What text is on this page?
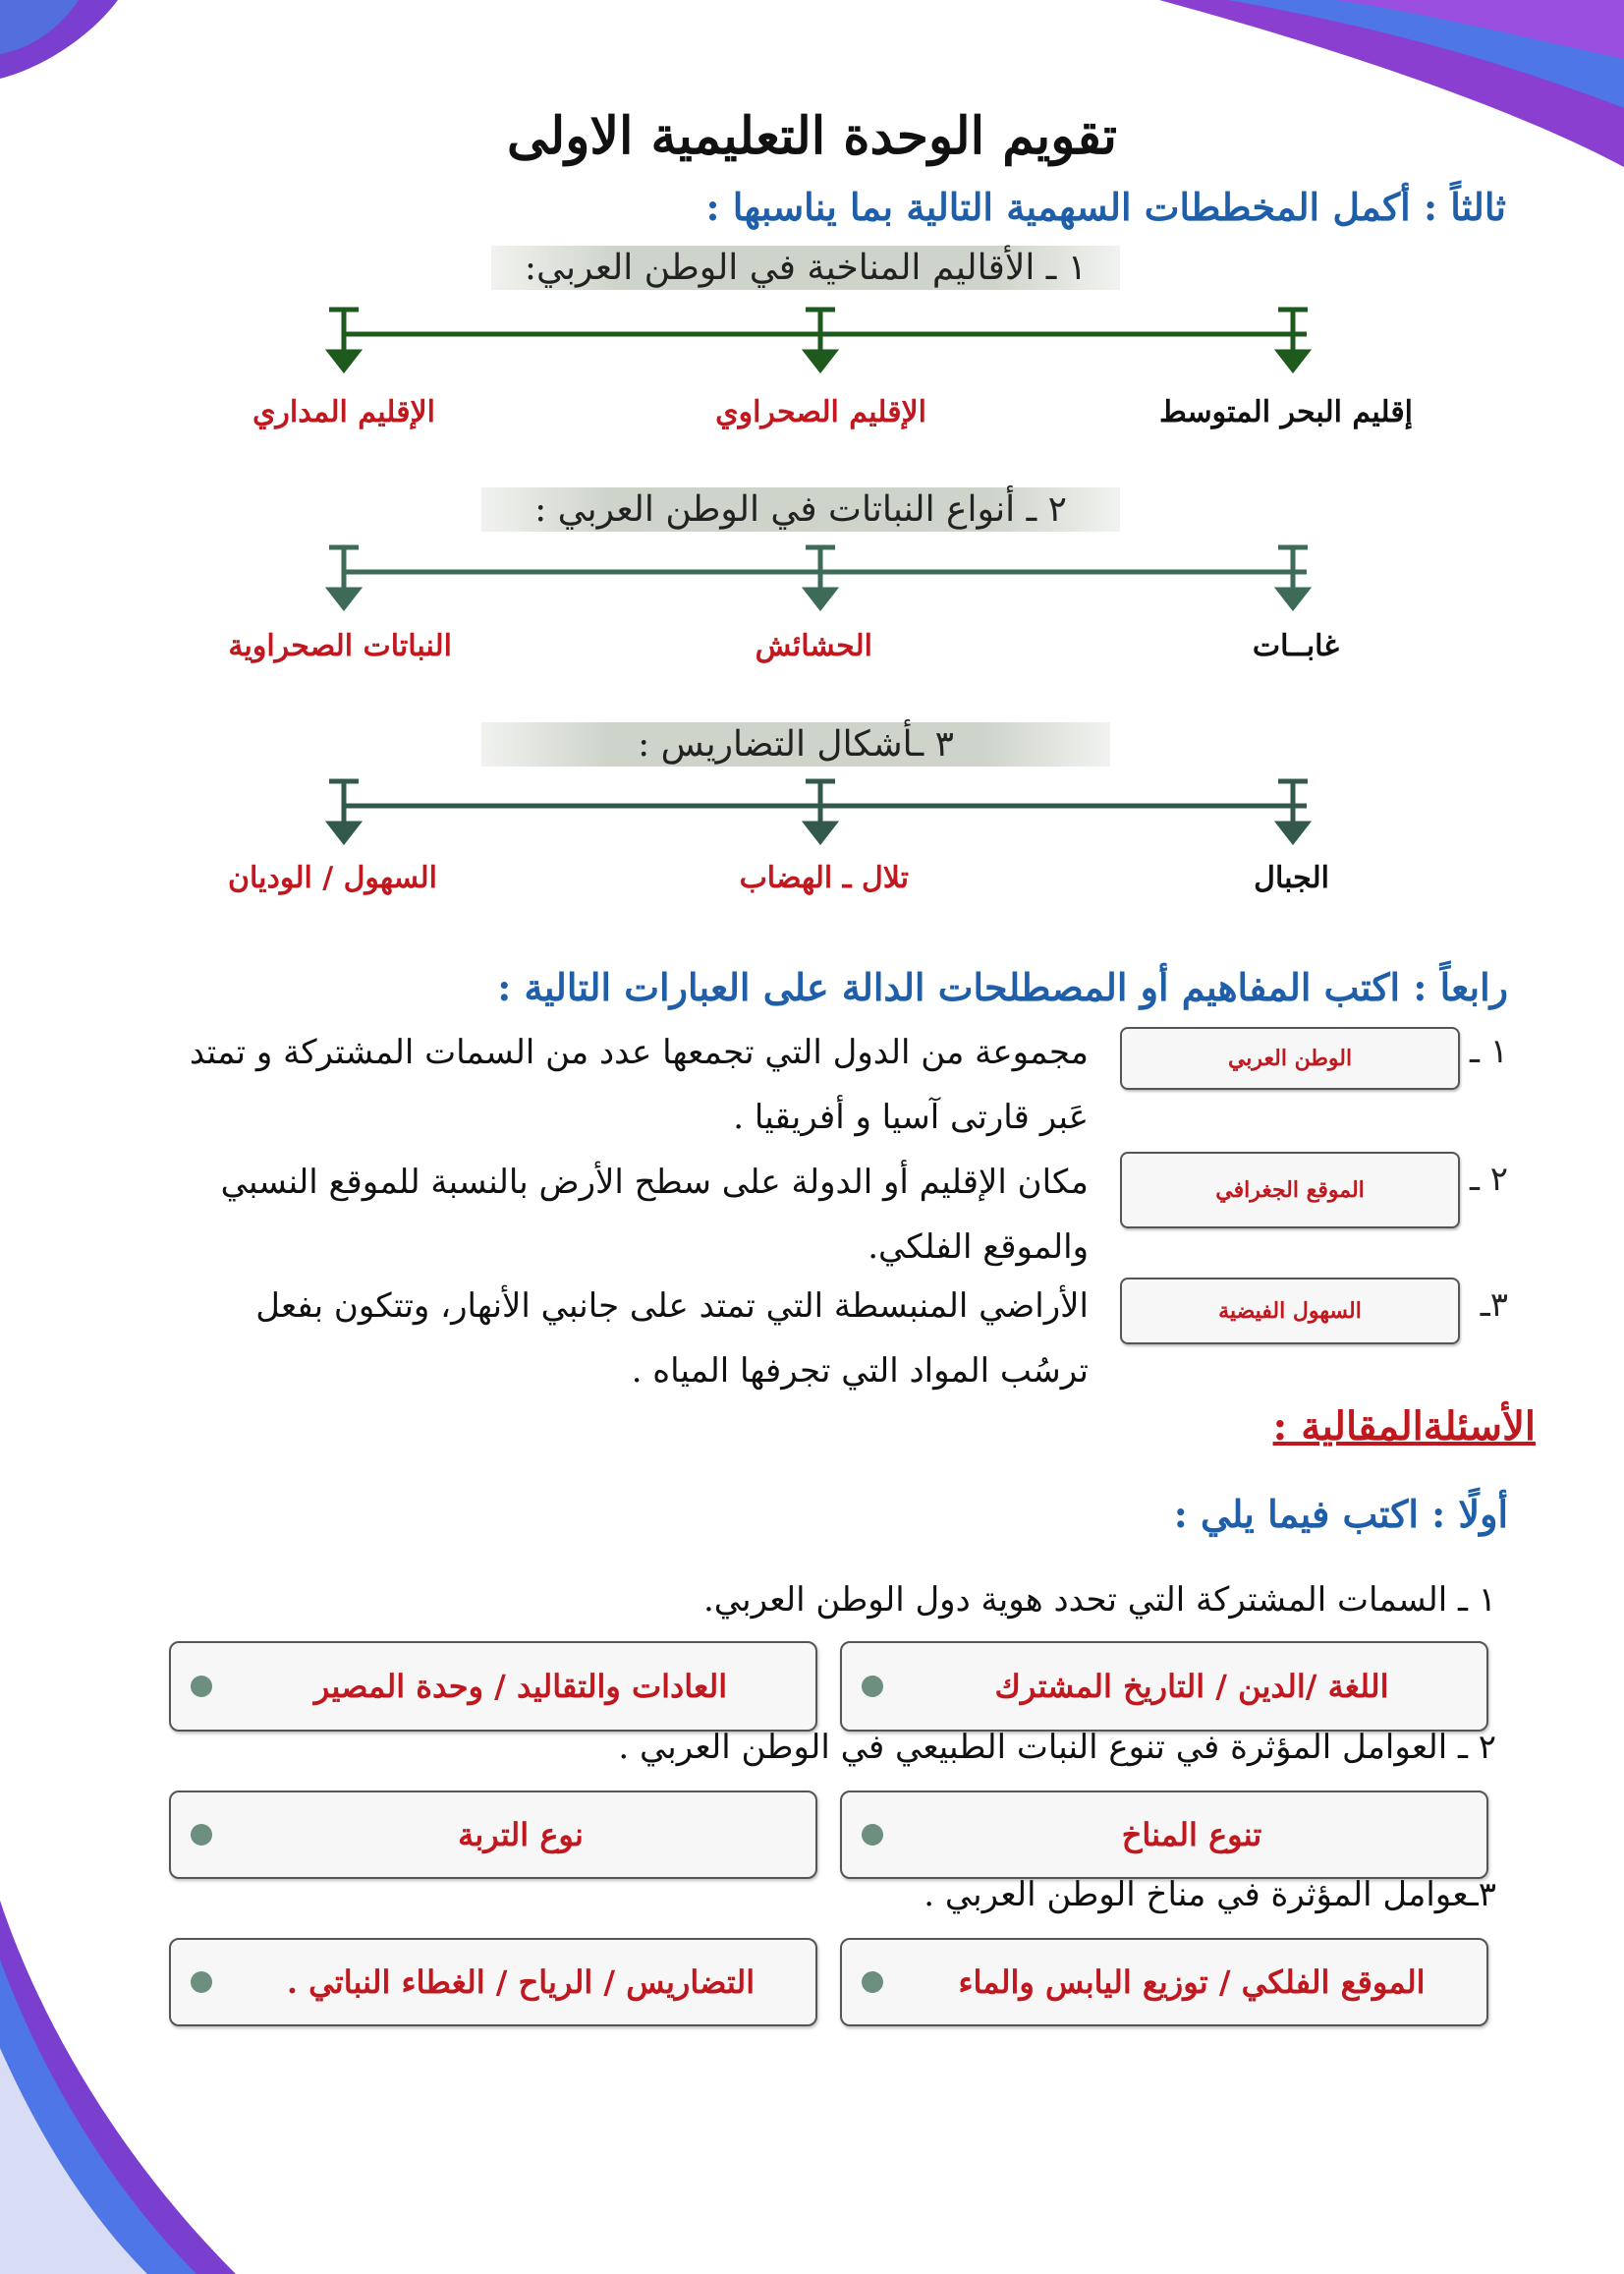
تقويم الوحدة التعليمية الاولى
ثالثاً : أكمل المخططات السهمية التالية بما يناسبها :
١ ـ الأقاليم المناخية في الوطن العربي:
إقليم البحر المتوسط
الإقليم الصحراوي
الإقليم المداري
٢ ـ أنواع النباتات في الوطن العربي :
غابــات
الحشائش
النباتات الصحراوية
٣ ـأشكال التضاريس :
الجبال
تلال ـ الهضاب
السهول / الوديان
رابعاً : اكتب المفاهيم أو المصطلحات الدالة على العبارات التالية :
١ ـ
الوطن العربي
مجموعة من الدول التي تجمعها عدد من السمات المشتركة و تمتد
عَبر قارتى آسيا و أفريقيا .
٢ ـ
الموقع الجغرافي
مكان الإقليم أو الدولة على سطح الأرض بالنسبة للموقع النسبي
والموقع الفلكي.
٣ـ
السهول الفيضية
الأراضي المنبسطة التي تمتد على جانبي الأنهار، وتتكون بفعل
ترسُب المواد التي تجرفها المياه .
الأسئلةالمقالية :
أولًا : اكتب فيما يلي :
١ ـ السمات المشتركة التي تحدد هوية دول الوطن العربي.
اللغة /الدين / التاريخ المشترك
العادات والتقاليد / وحدة المصير
٢ ـ العوامل المؤثرة في تنوع النبات الطبيعي في الوطن العربي .
تنوع المناخ
نوع التربة
٣ـعوامل المؤثرة في مناخ الوطن العربي .
الموقع الفلكي / توزيع اليابس والماء
التضاريس / الرياح / الغطاء النباتي .
